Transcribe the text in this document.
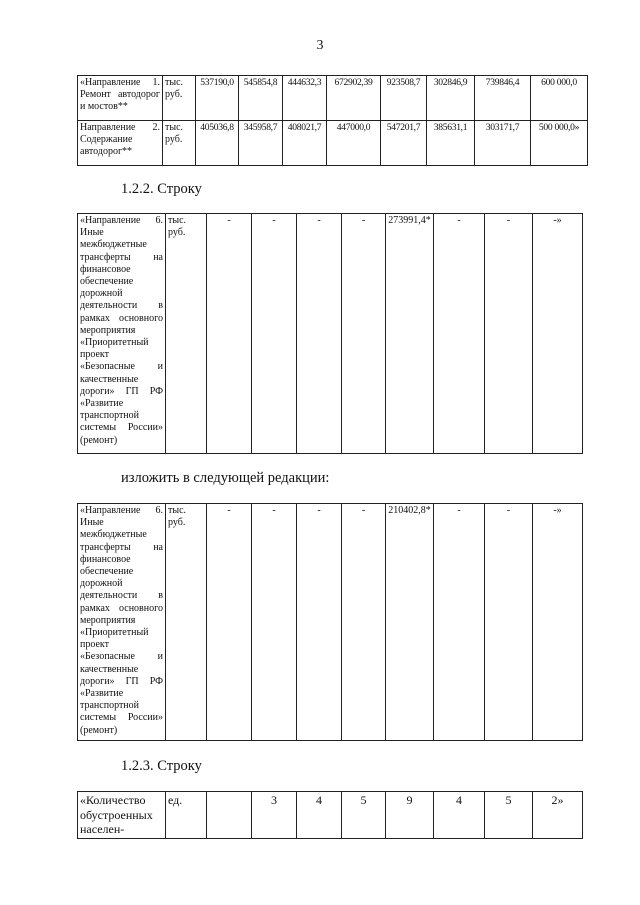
3
«Направление 1. Ремонт автодорог и мостов**	тыс. руб.	537190,0	545854,8	444632,3	672902,39	923508,7	302846,9	739846,4	600 000,0
Направление 2. Содержание автодорог**	тыс. руб.	405036,8	345958,7	408021,7	447000,0	547201,7	385631,1	303171,7	500 000,0»
1.2.2. Строку
«Направление 6. Иные межбюджетные трансферты на финансовое обеспечение дорожной деятельности в рамках основного мероприятия «Приоритетный проект «Безопасные и качественные дороги» ГП РФ «Развитие транспортной системы России» (ремонт)	тыс. руб.	-	-	-	-	273991,4*	-	-	-»
изложить в следующей редакции:
«Направление 6. Иные межбюджетные трансферты на финансовое обеспечение дорожной деятельности в рамках основного мероприятия «Приоритетный проект «Безопасные и качественные дороги» ГП РФ «Развитие транспортной системы России» (ремонт)	тыс. руб.	-	-	-	-	210402,8*	-	-	-»
1.2.3. Строку
«Количество обустроенных населен-	ед.		3	4	5	9	4	5	2»
